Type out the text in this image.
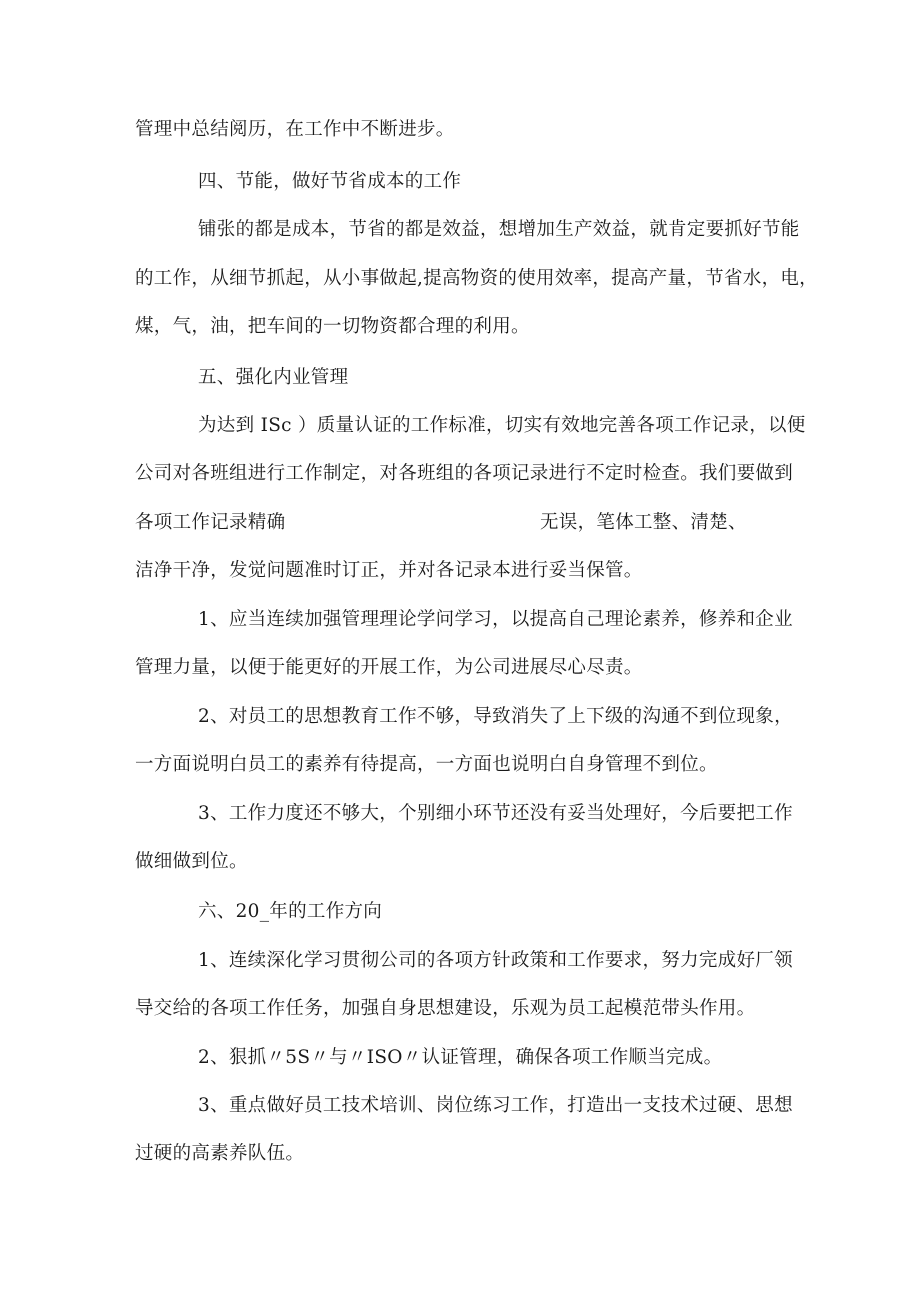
管理中总结阅历，在工作中不断进步。
四、节能，做好节省成本的工作
铺张的都是成本，节省的都是效益，想增加生产效益，就肯定要抓好节能
的工作，从细节抓起，从小事做起,提高物资的使用效率，提高产量，节省水，电，
煤，气，油，把车间的一切物资都合理的利用。
五、强化内业管理
为达到 ISc ）质量认证的工作标准，切实有效地完善各项工作记录，以便
公司对各班组进行工作制定，对各班组的各项记录进行不定时检查。我们要做到
各项工作记录精确	无误，笔体工整、清楚、
洁净干净，发觉问题准时订正，并对各记录本进行妥当保管。
1、应当连续加强管理理论学问学习，以提高自己理论素养，修养和企业
管理力量，以便于能更好的开展工作，为公司进展尽心尽责。
2、对员工的思想教育工作不够，导致消失了上下级的沟通不到位现象，
一方面说明白员工的素养有待提高，一方面也说明白自身管理不到位。
3、工作力度还不够大，个别细小环节还没有妥当处理好，今后要把工作
做细做到位。
六、20_年的工作方向
1、连续深化学习贯彻公司的各项方针政策和工作要求，努力完成好厂领
导交给的各项工作任务，加强自身思想建设，乐观为员工起模范带头作用。
2、狠抓〃5S〃与〃ISO〃认证管理，确保各项工作顺当完成。
3、重点做好员工技术培训、岗位练习工作，打造出一支技术过硬、思想
过硬的高素养队伍。
